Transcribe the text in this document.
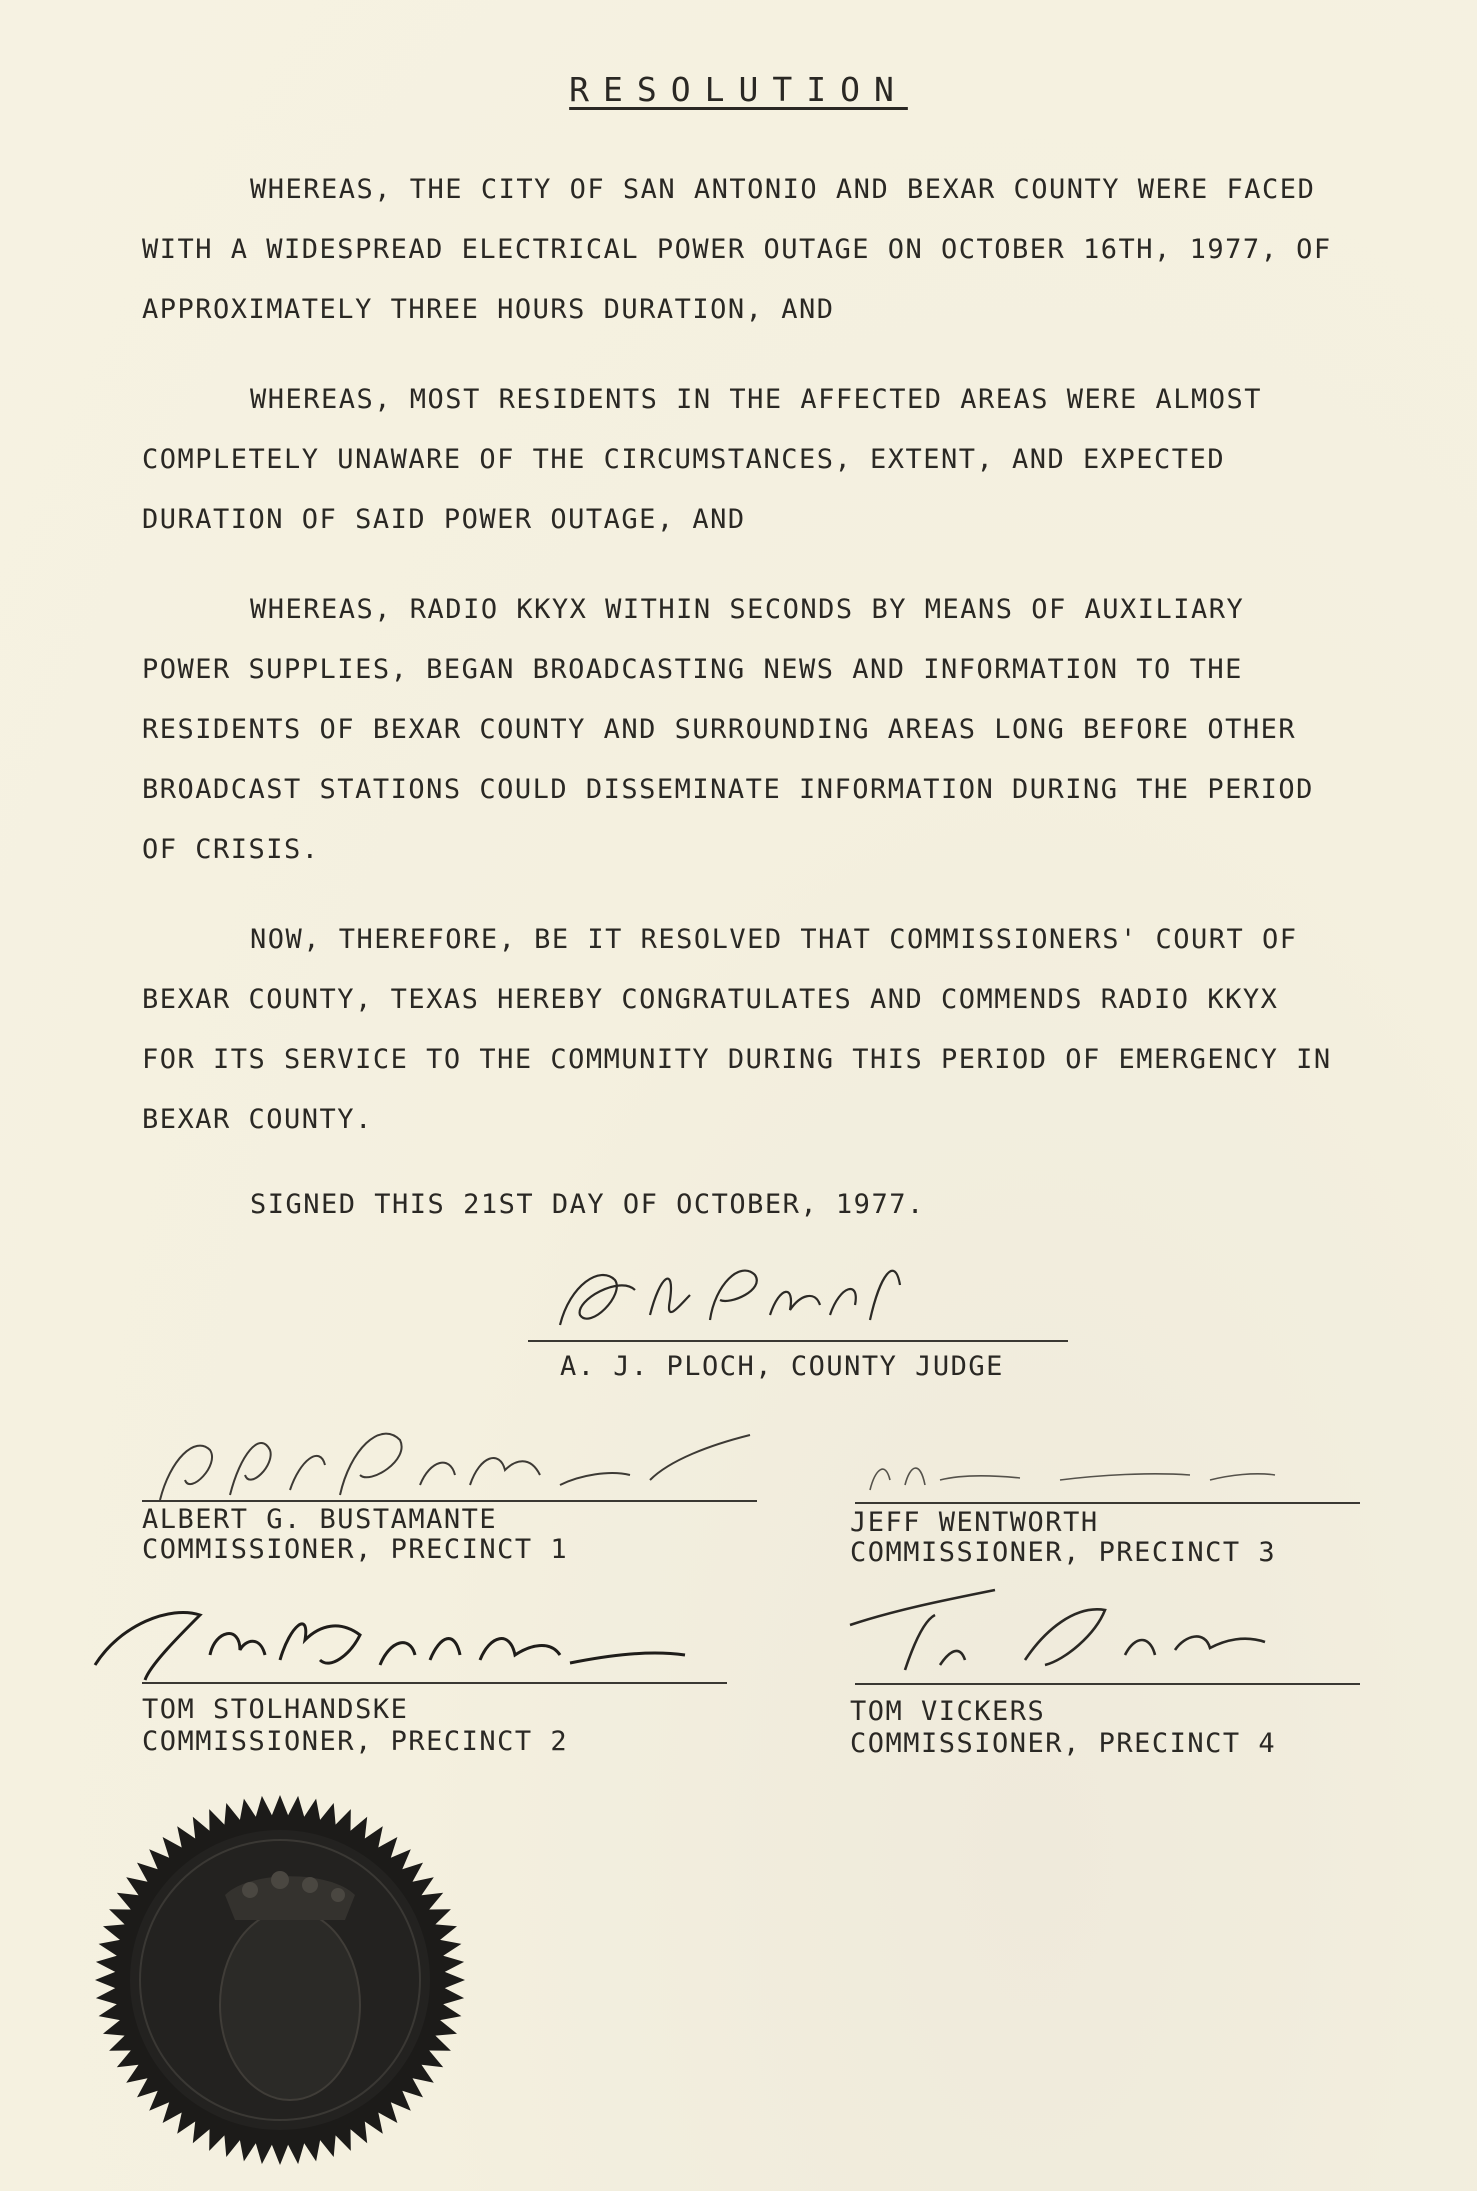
RESOLUTION

WHEREAS, THE CITY OF SAN ANTONIO AND BEXAR COUNTY WERE FACED WITH A WIDESPREAD ELECTRICAL POWER OUTAGE ON OCTOBER 16TH, 1977, OF APPROXIMATELY THREE HOURS DURATION, AND

WHEREAS, MOST RESIDENTS IN THE AFFECTED AREAS WERE ALMOST COMPLETELY UNAWARE OF THE CIRCUMSTANCES, EXTENT, AND EXPECTED DURATION OF SAID POWER OUTAGE, AND

WHEREAS, RADIO KKYX WITHIN SECONDS BY MEANS OF AUXILIARY POWER SUPPLIES, BEGAN BROADCASTING NEWS AND INFORMATION TO THE RESIDENTS OF BEXAR COUNTY AND SURROUNDING AREAS LONG BEFORE OTHER BROADCAST STATIONS COULD DISSEMINATE INFORMATION DURING THE PERIOD OF CRISIS.

NOW, THEREFORE, BE IT RESOLVED THAT COMMISSIONERS' COURT OF BEXAR COUNTY, TEXAS HEREBY CONGRATULATES AND COMMENDS RADIO KKYX FOR ITS SERVICE TO THE COMMUNITY DURING THIS PERIOD OF EMERGENCY IN BEXAR COUNTY.

SIGNED THIS 21ST DAY OF OCTOBER, 1977.

A. J. PLOCH, COUNTY JUDGE
ALBERT G. BUSTAMANTE
COMMISSIONER, PRECINCT 1
JEFF WENTWORTH
COMMISSIONER, PRECINCT 3
TOM STOLHANDSKE
COMMISSIONER, PRECINCT 2
TOM VICKERS
COMMISSIONER, PRECINCT 4
